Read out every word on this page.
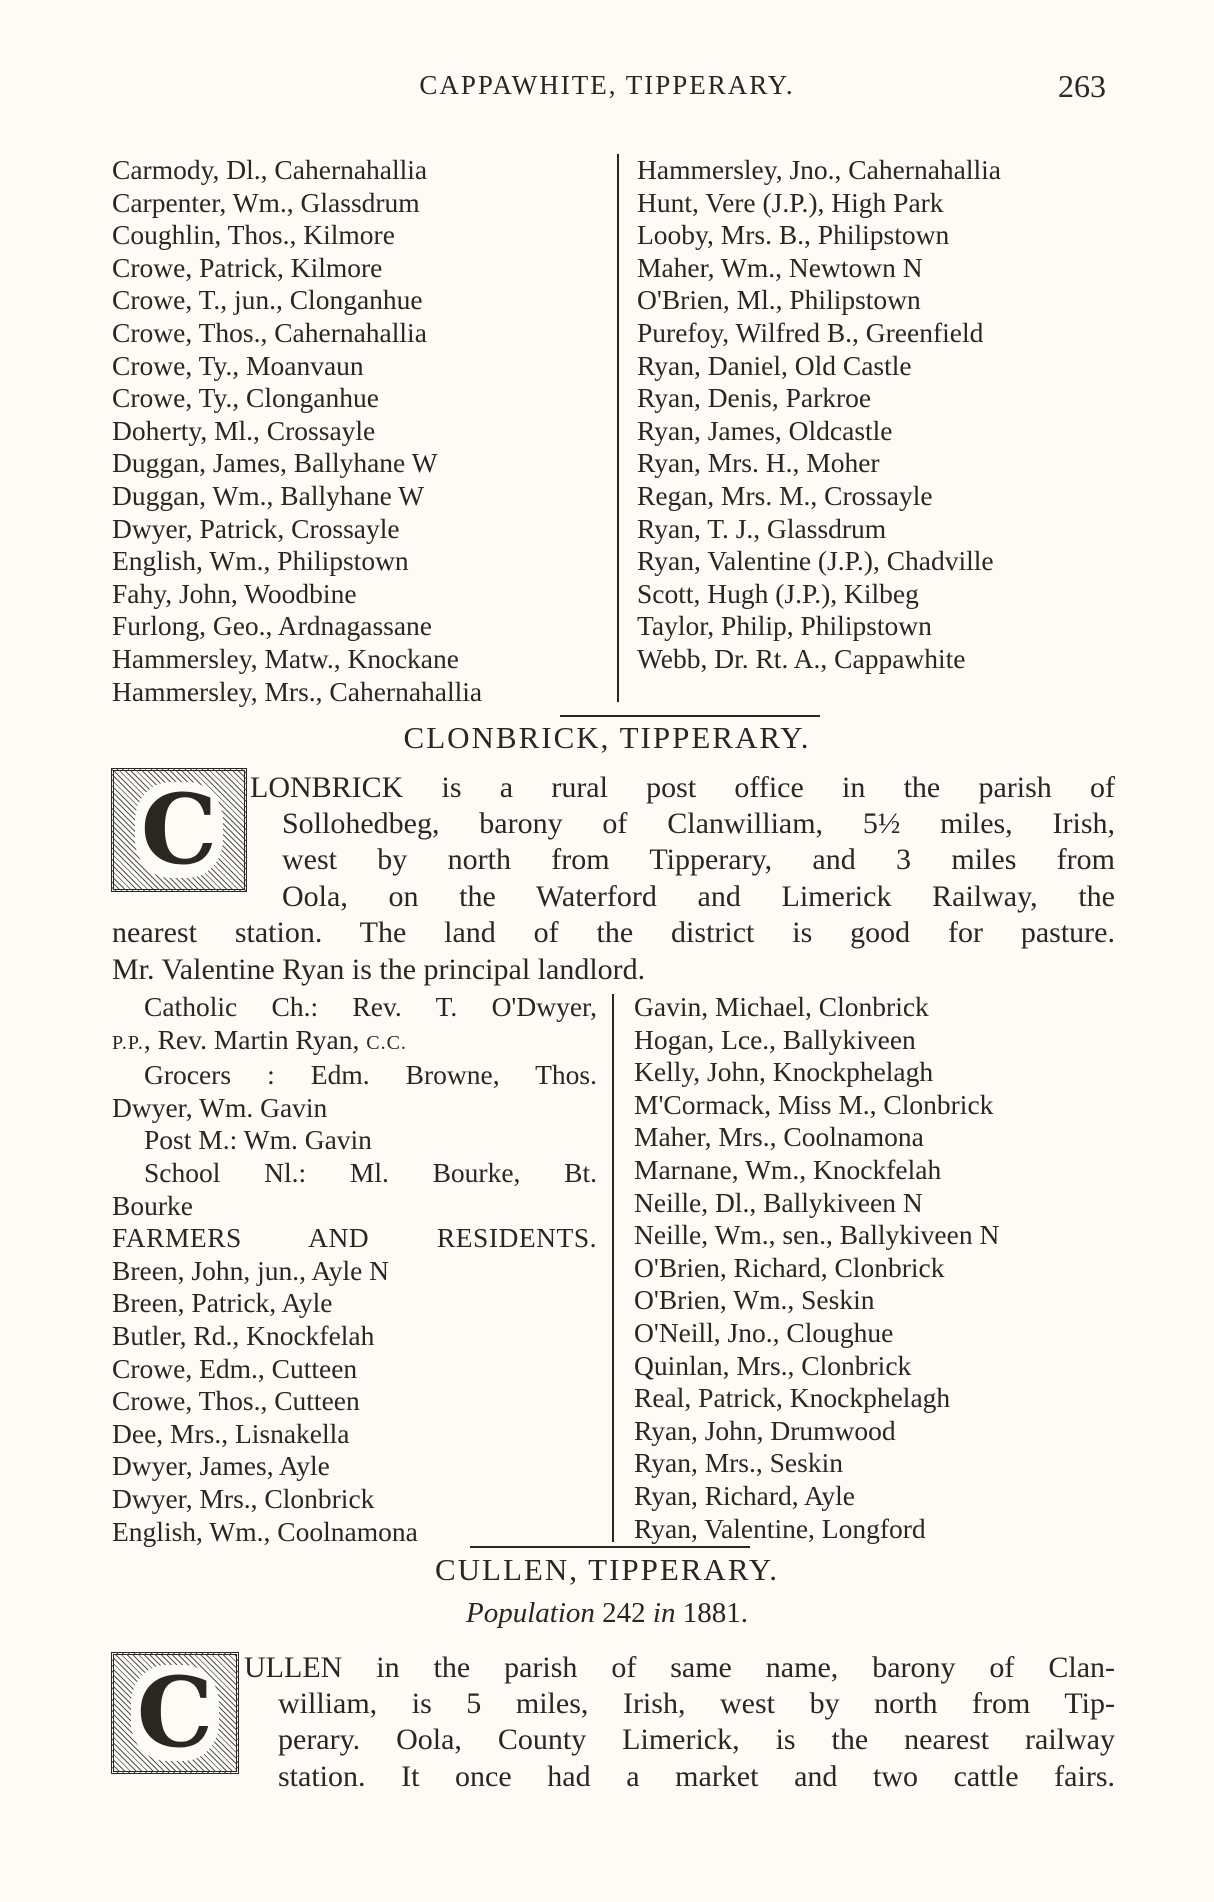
CAPPAWHITE, TIPPERARY.	263
Carmody, Dl., Cahernahallia
Carpenter, Wm., Glassdrum
Coughlin, Thos., Kilmore
Crowe, Patrick, Kilmore
Crowe, T., jun., Clonganhue
Crowe, Thos., Cahernahallia
Crowe, Ty., Moanvaun
Crowe, Ty., Clonganhue
Doherty, Ml., Crossayle
Duggan, James, Ballyhane W
Duggan, Wm., Ballyhane W
Dwyer, Patrick, Crossayle
English, Wm., Philipstown
Fahy, John, Woodbine
Furlong, Geo., Ardnagassane
Hammersley, Matw., Knockane
Hammersley, Mrs., Cahernahallia
Hammersley, Jno., Cahernahallia
Hunt, Vere (J.P.), High Park
Looby, Mrs. B., Philipstown
Maher, Wm., Newtown N
O'Brien, Ml., Philipstown
Purefoy, Wilfred B., Greenfield
Ryan, Daniel, Old Castle
Ryan, Denis, Parkroe
Ryan, James, Oldcastle
Ryan, Mrs. H., Moher
Regan, Mrs. M., Crossayle
Ryan, T. J., Glassdrum
Ryan, Valentine (J.P.), Chadville
Scott, Hugh (J.P.), Kilbeg
Taylor, Philip, Philipstown
Webb, Dr. Rt. A., Cappawhite
CLONBRICK, TIPPERARY.
C LONBRICK is a rural post office in the parish of
Sollohedbeg, barony of Clanwilliam, 5½ miles, Irish,
west by north from Tipperary, and 3 miles from
Oola, on the Waterford and Limerick Railway, the
nearest station. The land of the district is good for pasture.
Mr. Valentine Ryan is the principal landlord.
Catholic Ch.: Rev. T. O'Dwyer,
P.P., Rev. Martin Ryan, C.C.
Grocers : Edm. Browne, Thos.
Dwyer, Wm. Gavin
Post M.: Wm. Gavin
School Nl.: Ml. Bourke, Bt.
Bourke
FARMERS AND RESIDENTS.
Breen, John, jun., Ayle N
Breen, Patrick, Ayle
Butler, Rd., Knockfelah
Crowe, Edm., Cutteen
Crowe, Thos., Cutteen
Dee, Mrs., Lisnakella
Dwyer, James, Ayle
Dwyer, Mrs., Clonbrick
English, Wm., Coolnamona
Gavin, Michael, Clonbrick
Hogan, Lce., Ballykiveen
Kelly, John, Knockphelagh
M'Cormack, Miss M., Clonbrick
Maher, Mrs., Coolnamona
Marnane, Wm., Knockfelah
Neille, Dl., Ballykiveen N
Neille, Wm., sen., Ballykiveen N
O'Brien, Richard, Clonbrick
O'Brien, Wm., Seskin
O'Neill, Jno., Cloughue
Quinlan, Mrs., Clonbrick
Real, Patrick, Knockphelagh
Ryan, John, Drumwood
Ryan, Mrs., Seskin
Ryan, Richard, Ayle
Ryan, Valentine, Longford
CULLEN, TIPPERARY.
Population 242 in 1881.
C ULLEN in the parish of same name, barony of Clan-
william, is 5 miles, Irish, west by north from Tip-
perary. Oola, County Limerick, is the nearest railway
station. It once had a market and two cattle fairs.
